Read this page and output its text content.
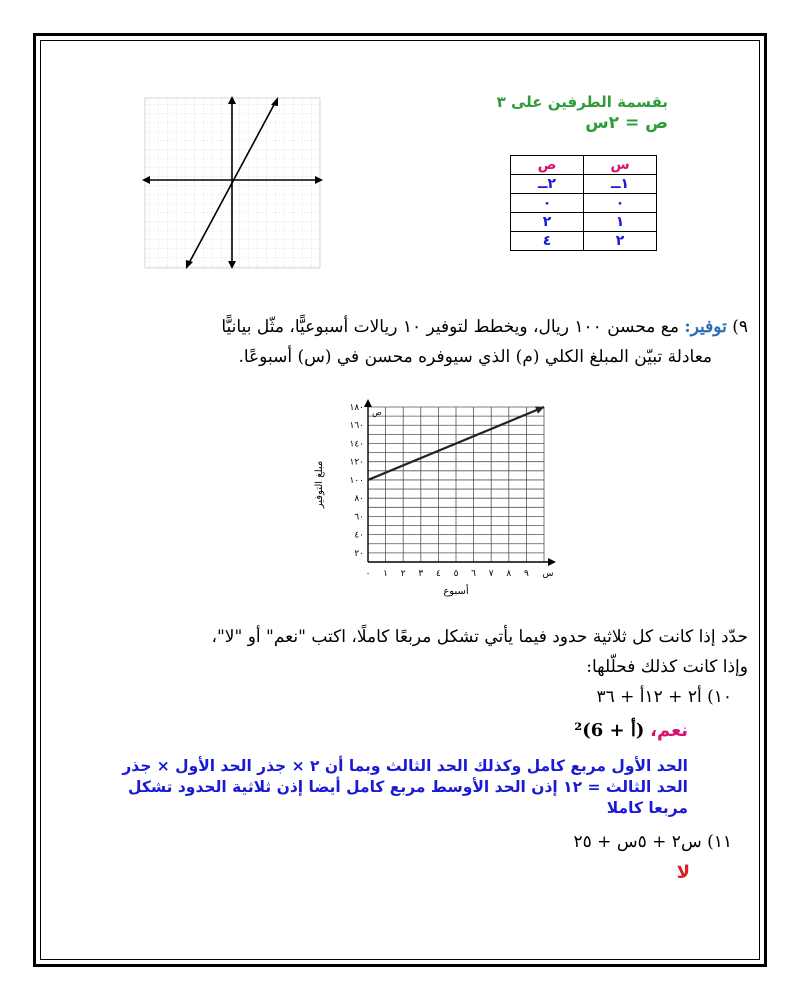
بقسمة الطرفين على ٣
ص = ٢س
س	ص
١ــ	٢ــ
٠	٠
١	٢
٢	٤
٩) توفير: مع محسن ١٠٠ ريال، ويخطط لتوفير ١٠ ريالات أسبوعيًّا، مثّل بيانيًّا
معادلة تبيّن المبلغ الكلي (م) الذي سيوفره محسن في (س) أسبوعًا.
٠ ١ ٢ ٣ ٤ ٥ ٦ ٧ ٨ ٩ س
٢٠
٤٠
٦٠
٨٠
١٠٠
١٢٠
١٤٠
١٦٠
١٨٠ ص
أسبوع
مبلغ التوفير
حدّد إذا كانت كل ثلاثية حدود فيما يأتي تشكل مربعًا كاملًا، اكتب "نعم" أو "لا"،
وإذا كانت كذلك فحلّلها:
١٠) أ٢ + ١٢أ + ٣٦
نعم، (أ + 6)²
الحد الأول مربع كامل وكذلك الحد الثالث وبما أن ٢ × جذر الحد الأول × جذر
الحد الثالث = ١٢ إذن الحد الأوسط مربع كامل أيضا إذن ثلاثية الحدود تشكل
مربعا كاملا
١١) س٢ + ٥س + ٢٥
لا
